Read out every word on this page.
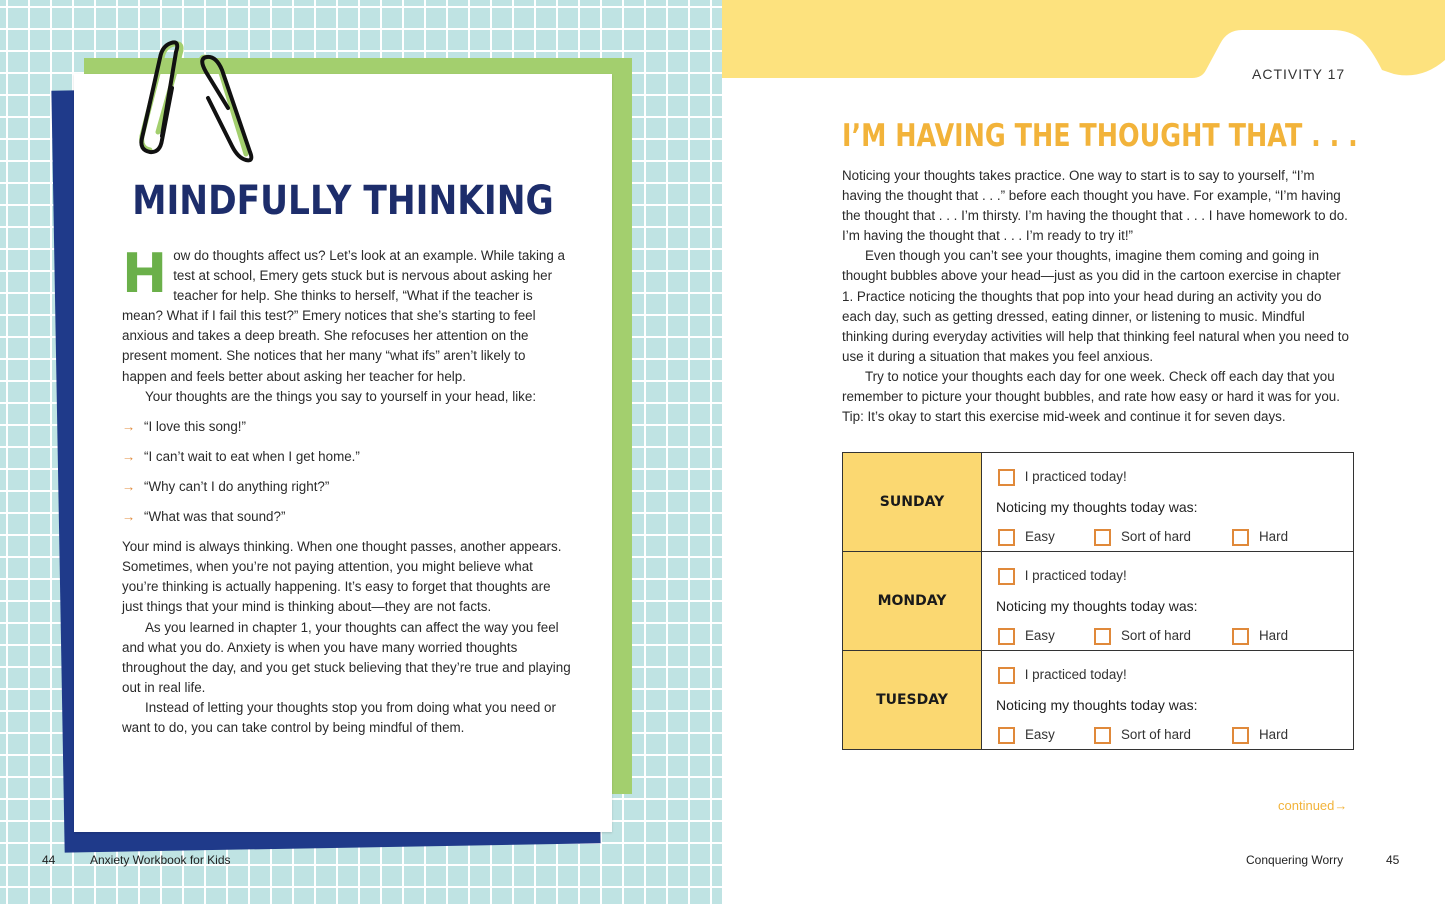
MINDFULLY THINKING

How do thoughts affect us? Let’s look at an example. While taking a test at school, Emery gets stuck but is nervous about asking her teacher for help. She thinks to herself, “What if the teacher is mean? What if I fail this test?” Emery notices that she’s starting to feel anxious and takes a deep breath. She refocuses her attention on the present moment. She notices that her many “what ifs” aren’t likely to happen and feels better about asking her teacher for help.

Your thoughts are the things you say to yourself in your head, like:

→ “I love this song!”
→ “I can’t wait to eat when I get home.”
→ “Why can’t I do anything right?”
→ “What was that sound?”

Your mind is always thinking. When one thought passes, another appears. Sometimes, when you’re not paying attention, you might believe what you’re thinking is actually happening. It’s easy to forget that thoughts are just things that your mind is thinking about—they are not facts.

As you learned in chapter 1, your thoughts can affect the way you feel and what you do. Anxiety is when you have many worried thoughts throughout the day, and you get stuck believing that they’re true and playing out in real life.

Instead of letting your thoughts stop you from doing what you need or want to do, you can take control by being mindful of them.

44	Anxiety Workbook for Kids
ACTIVITY 17
I’M HAVING THE THOUGHT THAT . . .

Noticing your thoughts takes practice. One way to start is to say to yourself, “I’m having the thought that . . .” before each thought you have. For example, “I’m having the thought that . . . I’m thirsty. I’m having the thought that . . . I have homework to do. I’m having the thought that . . . I’m ready to try it!”

Even though you can’t see your thoughts, imagine them coming and going in thought bubbles above your head—just as you did in the cartoon exercise in chapter 1. Practice noticing the thoughts that pop into your head during an activity you do each day, such as getting dressed, eating dinner, or listening to music. Mindful thinking during everyday activities will help that thinking feel natural when you need to use it during a situation that makes you feel anxious.

Try to notice your thoughts each day for one week. Check off each day that you remember to picture your thought bubbles, and rate how easy or hard it was for you. Tip: It’s okay to start this exercise mid-week and continue it for seven days.

SUNDAY	I practiced today!
Noticing my thoughts today was:
Easy Sort of hard Hard

MONDAY	I practiced today!
Noticing my thoughts today was:
Easy Sort of hard Hard

TUESDAY	I practiced today!
Noticing my thoughts today was:
Easy Sort of hard Hard
continued→
Conquering Worry	45
